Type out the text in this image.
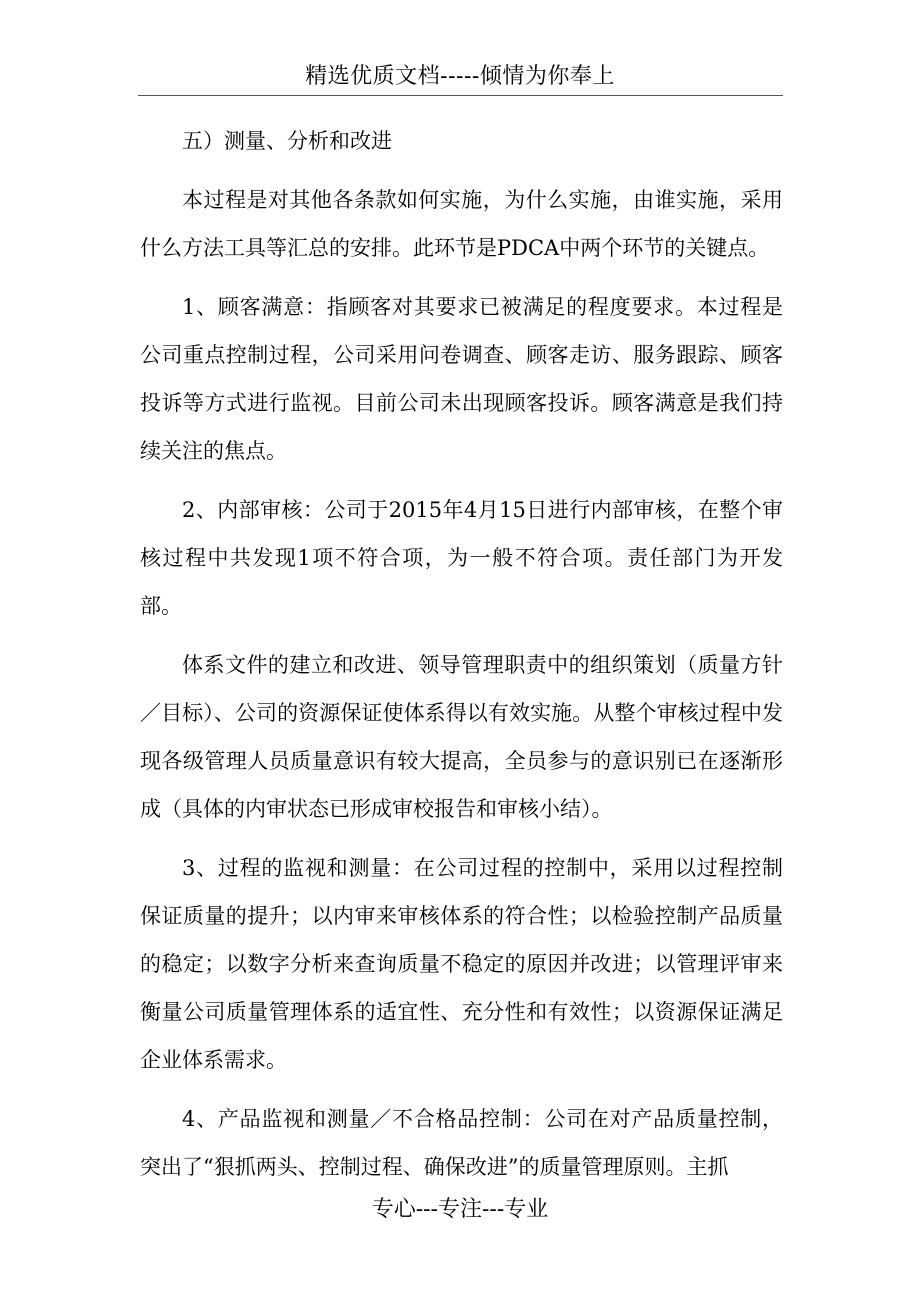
精选优质文档-----倾情为你奉上

五）测量、分析和改进

本过程是对其他各条款如何实施，为什么实施，由谁实施，采用什么方法工具等汇总的安排。此环节是PDCA中两个环节的关键点。

1、顾客满意：指顾客对其要求已被满足的程度要求。本过程是公司重点控制过程，公司采用问卷调查、顾客走访、服务跟踪、顾客投诉等方式进行监视。目前公司未出现顾客投诉。顾客满意是我们持续关注的焦点。

2、内部审核：公司于2015年4月15日进行内部审核，在整个审核过程中共发现1项不符合项，为一般不符合项。责任部门为开发部。

体系文件的建立和改进、领导管理职责中的组织策划（质量方针／目标）、公司的资源保证使体系得以有效实施。从整个审核过程中发现各级管理人员质量意识有较大提高，全员参与的意识别已在逐渐形成（具体的内审状态已形成审校报告和审核小结）。

3、过程的监视和测量：在公司过程的控制中，采用以过程控制保证质量的提升；以内审来审核体系的符合性；以检验控制产品质量的稳定；以数字分析来查询质量不稳定的原因并改进；以管理评审来衡量公司质量管理体系的适宜性、充分性和有效性；以资源保证满足企业体系需求。

4、产品监视和测量／不合格品控制：公司在对产品质量控制，突出了“狠抓两头、控制过程、确保改进”的质量管理原则。主抓

专心---专注---专业
